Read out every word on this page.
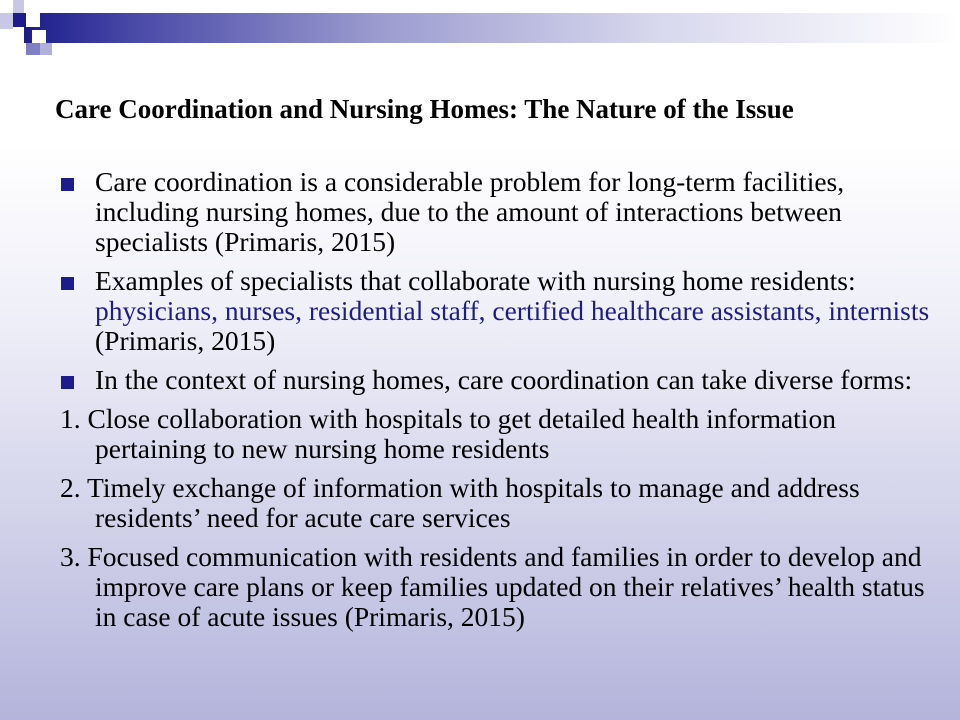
Care Coordination and Nursing Homes: The Nature of the Issue

Care coordination is a considerable problem for long-term facilities, including nursing homes, due to the amount of interactions between specialists (Primaris, 2015)

Examples of specialists that collaborate with nursing home residents: physicians, nurses, residential staff, certified healthcare assistants, internists (Primaris, 2015)

In the context of nursing homes, care coordination can take diverse forms:

1. Close collaboration with hospitals to get detailed health information pertaining to new nursing home residents

2. Timely exchange of information with hospitals to manage and address residents’ need for acute care services

3. Focused communication with residents and families in order to develop and improve care plans or keep families updated on their relatives’ health status in case of acute issues (Primaris, 2015)
